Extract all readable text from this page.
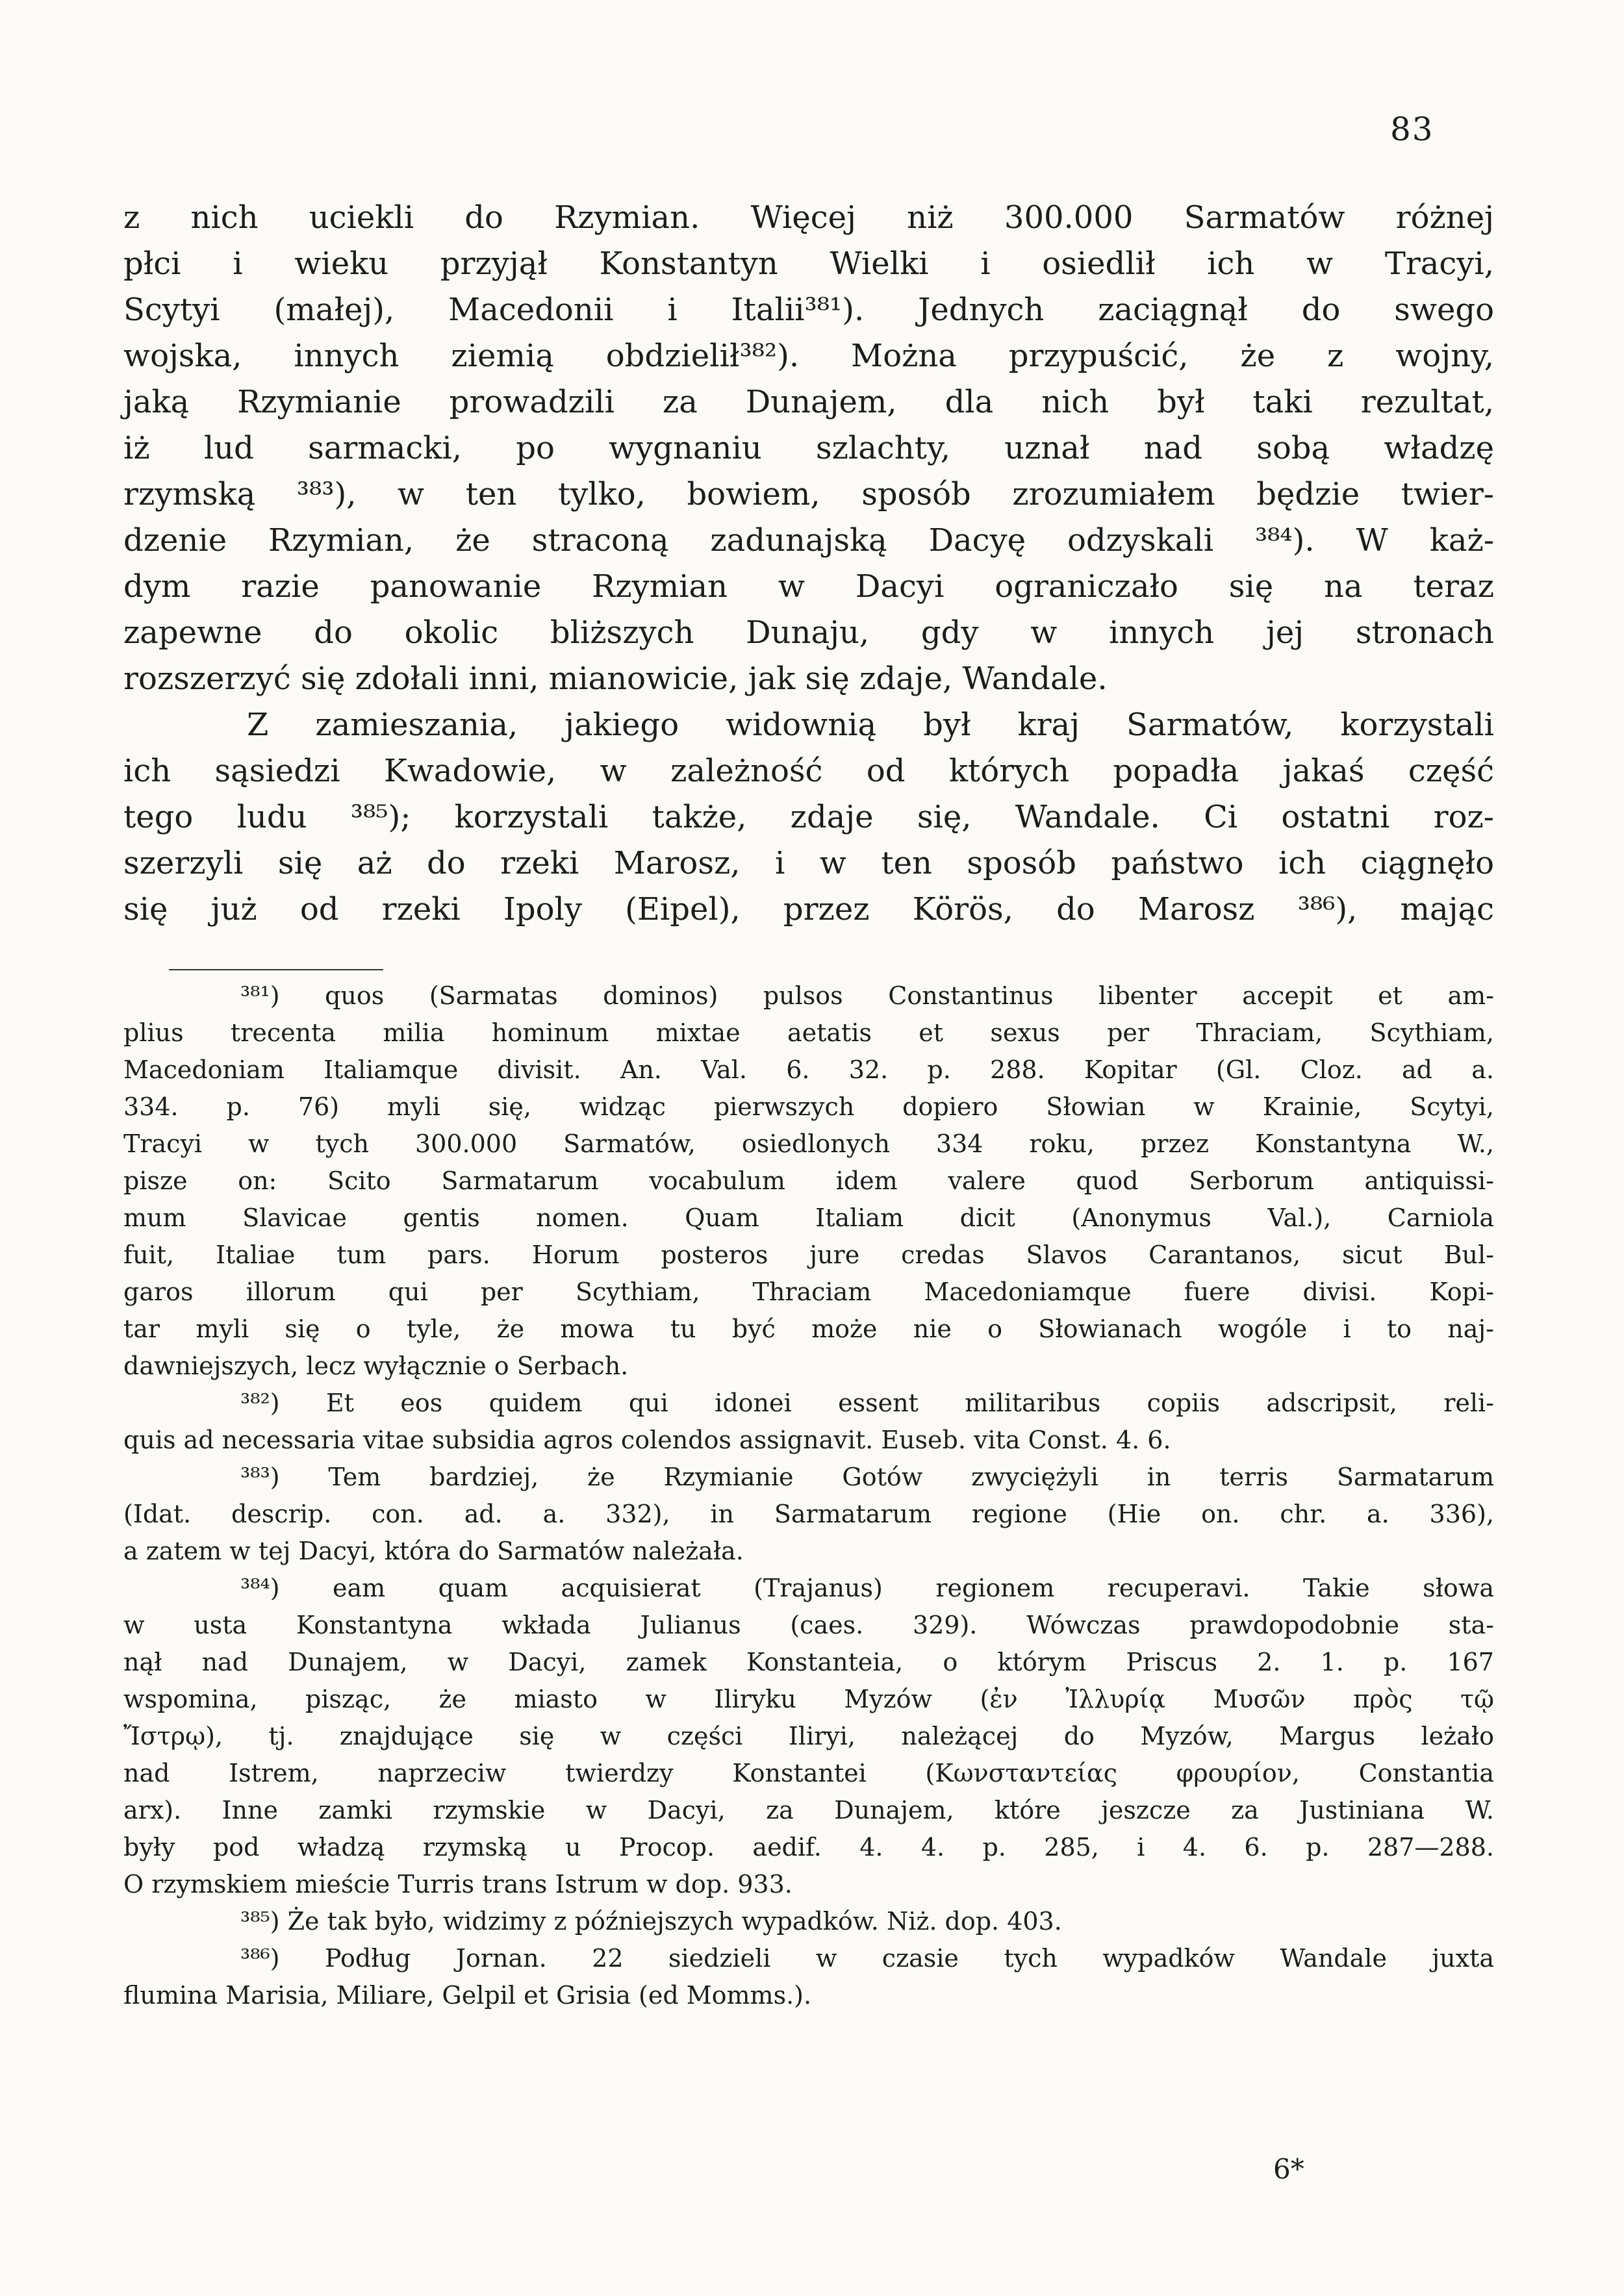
83
z nich uciekli do Rzymian. Więcej niż 300.000 Sarmatów różnej
płci i wieku przyjął Konstantyn Wielki i osiedlił ich w Tracyi,
Scytyi (małej), Macedonii i Italii³⁸¹). Jednych zaciągnął do swego
wojska, innych ziemią obdzielił³⁸²). Można przypuścić, że z wojny,
jaką Rzymianie prowadzili za Dunajem, dla nich był taki rezultat,
iż lud sarmacki, po wygnaniu szlachty, uznał nad sobą władzę
rzymską ³⁸³), w ten tylko, bowiem, sposób zrozumiałem będzie twier-
dzenie Rzymian, że straconą zadunajską Dacyę odzyskali ³⁸⁴). W każ-
dym razie panowanie Rzymian w Dacyi ograniczało się na teraz
zapewne do okolic bliższych Dunaju, gdy w innych jej stronach
rozszerzyć się zdołali inni, mianowicie, jak się zdaje, Wandale.
Z zamieszania, jakiego widownią był kraj Sarmatów, korzystali
ich sąsiedzi Kwadowie, w zależność od których popadła jakaś część
tego ludu ³⁸⁵); korzystali także, zdaje się, Wandale. Ci ostatni roz-
szerzyli się aż do rzeki Marosz, i w ten sposób państwo ich ciągnęło
się już od rzeki Ipoly (Eipel), przez Körös, do Marosz ³⁸⁶), mając
³⁸¹) quos (Sarmatas dominos) pulsos Constantinus libenter accepit et am-
plius trecenta milia hominum mixtae aetatis et sexus per Thraciam, Scythiam,
Macedoniam Italiamque divisit. An. Val. 6. 32. p. 288. Kopitar (Gl. Cloz. ad a.
334. p. 76) myli się, widząc pierwszych dopiero Słowian w Krainie, Scytyi,
Tracyi w tych 300.000 Sarmatów, osiedlonych 334 roku, przez Konstantyna W.,
pisze on: Scito Sarmatarum vocabulum idem valere quod Serborum antiquissi-
mum Slavicae gentis nomen. Quam Italiam dicit (Anonymus Val.), Carniola
fuit, Italiae tum pars. Horum posteros jure credas Slavos Carantanos, sicut Bul-
garos illorum qui per Scythiam, Thraciam Macedoniamque fuere divisi. Kopi-
tar myli się o tyle, że mowa tu być może nie o Słowianach wogóle i to naj-
dawniejszych, lecz wyłącznie o Serbach.
³⁸²) Et eos quidem qui idonei essent militaribus copiis adscripsit, reli-
quis ad necessaria vitae subsidia agros colendos assignavit. Euseb. vita Const. 4. 6.
³⁸³) Tem bardziej, że Rzymianie Gotów zwyciężyli in terris Sarmatarum
(Idat. descrip. con. ad. a. 332), in Sarmatarum regione (Hie on. chr. a. 336),
a zatem w tej Dacyi, która do Sarmatów należała.
³⁸⁴) eam quam acquisierat (Trajanus) regionem recuperavi. Takie słowa
w usta Konstantyna wkłada Julianus (caes. 329). Wówczas prawdopodobnie sta-
nął nad Dunajem, w Dacyi, zamek Konstanteia, o którym Priscus 2. 1. p. 167
wspomina, pisząc, że miasto w Iliryku Myzów (ἐν Ἰλλυρίᾳ Μυσῶν πρὸς τῷ
Ἴστρῳ), tj. znajdujące się w części Iliryi, należącej do Myzów, Margus leżało
nad Istrem, naprzeciw twierdzy Konstantei (Κωνσταντείας φρουρίον, Constantia
arx). Inne zamki rzymskie w Dacyi, za Dunajem, które jeszcze za Justiniana W.
były pod władzą rzymską u Procop. aedif. 4. 4. p. 285, i 4. 6. p. 287—288.
O rzymskiem mieście Turris trans Istrum w dop. 933.
³⁸⁵) Że tak było, widzimy z późniejszych wypadków. Niż. dop. 403.
³⁸⁶) Podług Jornan. 22 siedzieli w czasie tych wypadków Wandale juxta
flumina Marisia, Miliare, Gelpil et Grisia (ed Momms.).
6*
